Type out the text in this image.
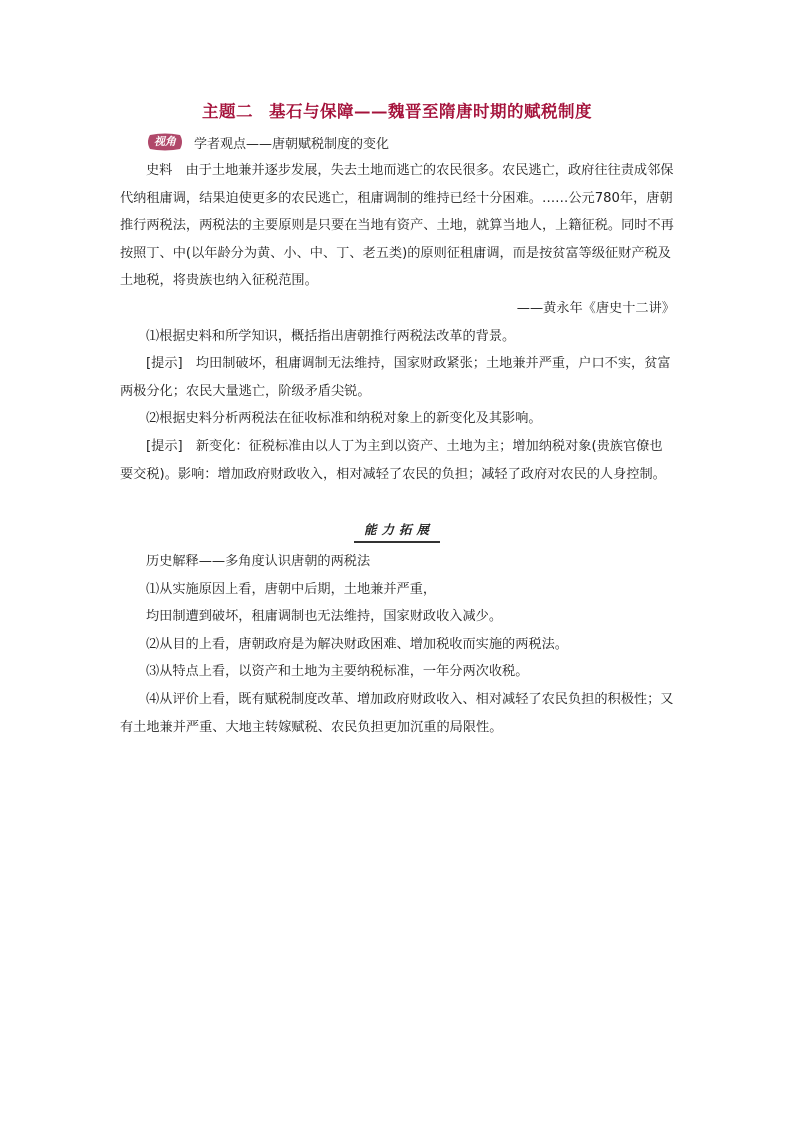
主题二 基石与保障——魏晋至隋唐时期的赋税制度
视角	学者观点——唐朝赋税制度的变化

史料　由于土地兼并逐步发展，失去土地而逃亡的农民很多。农民逃亡，政府往往责成邻保代纳租庸调，结果迫使更多的农民逃亡，租庸调制的维持已经十分困难。……公元780年，唐朝推行两税法，两税法的主要原则是只要在当地有资产、土地，就算当地人，上籍征税。同时不再按照丁、中(以年龄分为黄、小、中、丁、老五类)的原则征租庸调，而是按贫富等级征财产税及土地税，将贵族也纳入征税范围。

——黄永年《唐史十二讲》

⑴根据史料和所学知识，概括指出唐朝推行两税法改革的背景。

[提示]　均田制破坏，租庸调制无法维持，国家财政紧张；土地兼并严重，户口不实，贫富两极分化；农民大量逃亡，阶级矛盾尖锐。

⑵根据史料分析两税法在征收标准和纳税对象上的新变化及其影响。

[提示]　新变化：征税标准由以人丁为主到以资产、土地为主；增加纳税对象(贵族官僚也要交税)。影响：增加政府财政收入，相对减轻了农民的负担；减轻了政府对农民的人身控制。

能力拓展

历史解释——多角度认识唐朝的两税法

⑴从实施原因上看，唐朝中后期，土地兼并严重，

均田制遭到破坏，租庸调制也无法维持，国家财政收入减少。

⑵从目的上看，唐朝政府是为解决财政困难、增加税收而实施的两税法。

⑶从特点上看，以资产和土地为主要纳税标准，一年分两次收税。

⑷从评价上看，既有赋税制度改革、增加政府财政收入、相对减轻了农民负担的积极性；又有土地兼并严重、大地主转嫁赋税、农民负担更加沉重的局限性。
